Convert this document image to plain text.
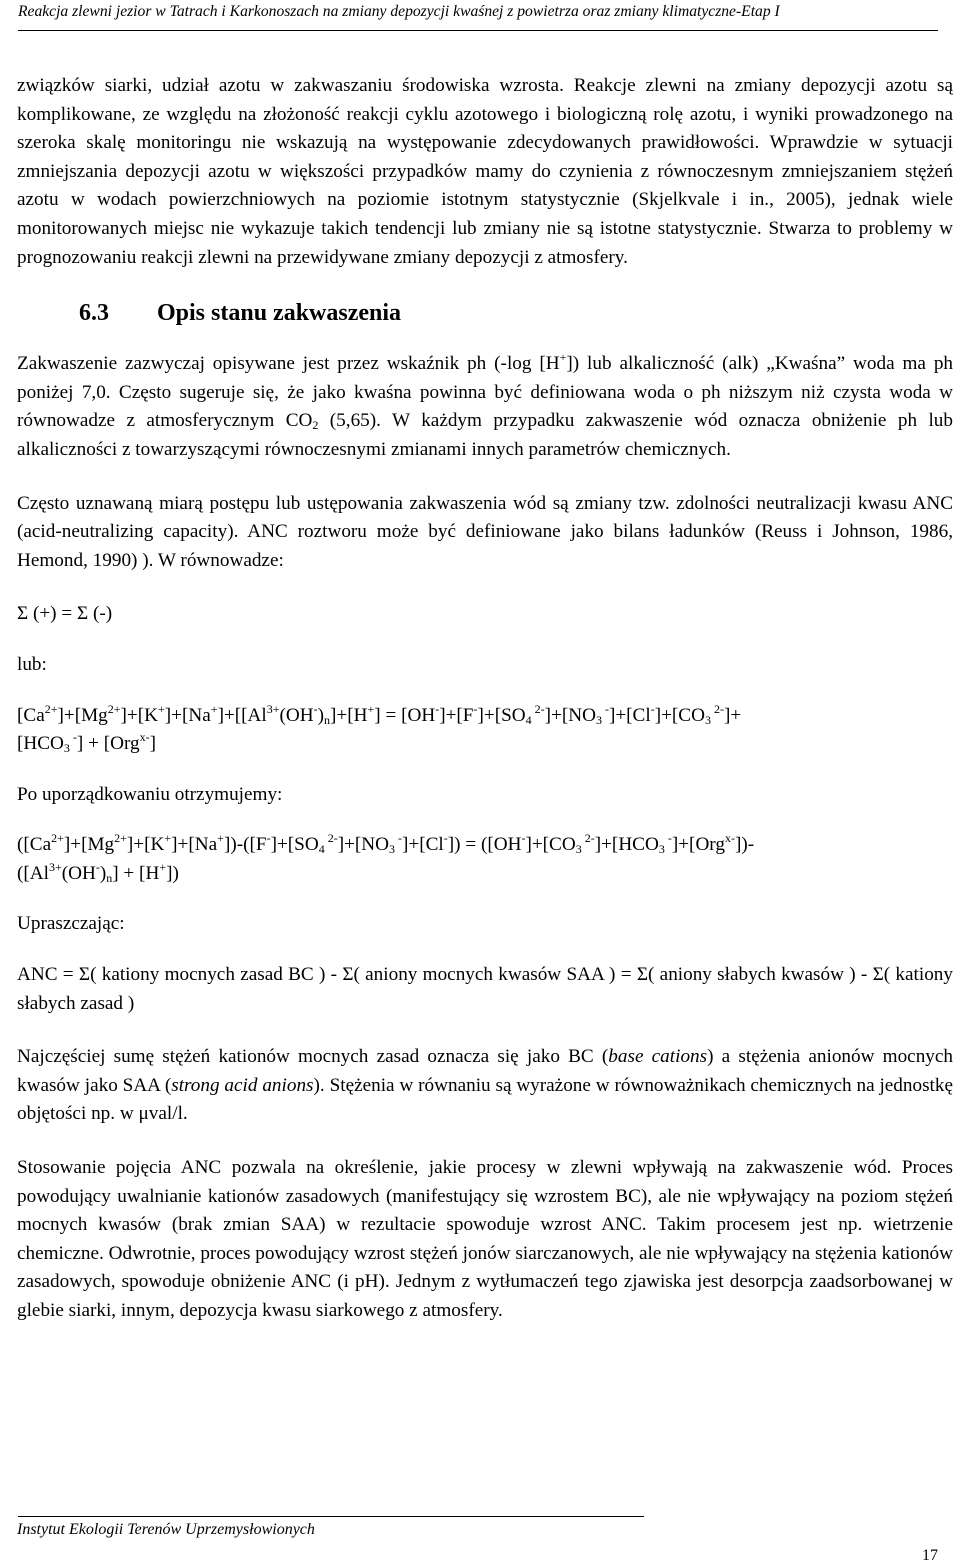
Reakcja zlewni jezior w Tatrach i Karkonoszach na zmiany depozycji kwaśnej z powietrza oraz zmiany klimatyczne-Etap I

związków siarki, udział azotu w zakwaszaniu środowiska wzrosta. Reakcje zlewni na zmiany depozycji azotu są komplikowane, ze względu na złożoność reakcji cyklu azotowego i biologiczną rolę azotu, i wyniki prowadzonego na szeroka skalę monitoringu nie wskazują na występowanie zdecydowanych prawidłowości. Wprawdzie w sytuacji zmniejszania depozycji azotu w większości przypadków mamy do czynienia z równoczesnym zmniejszaniem stężeń azotu w wodach powierzchniowych na poziomie istotnym statystycznie (Skjelkvale i in., 2005), jednak wiele monitorowanych miejsc nie wykazuje takich tendencji lub zmiany nie są istotne statystycznie. Stwarza to problemy w prognozowaniu reakcji zlewni na przewidywane zmiany depozycji z atmosfery.

6.3 Opis stanu zakwaszenia

Zakwaszenie zazwyczaj opisywane jest przez wskaźnik ph (-log [H+]) lub alkaliczność (alk) „Kwaśna” woda ma ph poniżej 7,0. Często sugeruje się, że jako kwaśna powinna być definiowana woda o ph niższym niż czysta woda w równowadze z atmosferycznym $CO_2$ (5,65). W każdym przypadku zakwaszenie wód oznacza obniżenie ph lub alkaliczności z towarzyszącymi równoczesnymi zmianami innych parametrów chemicznych.

Często uznawaną miarą postępu lub ustępowania zakwaszenia wód są zmiany tzw. zdolności neutralizacji kwasu ANC (acid-neutralizing capacity). ANC roztworu może być definiowane jako bilans ładunków (Reuss i Johnson, 1986, Hemond, 1990) ). W równowadze:

Σ (+) = Σ (-)

lub:

$[Ca^{2+}]+[Mg^{2+}]+[K^+]+[Na^+]+[[Al^{3+}(OH^-)_n]+[H^+] = [OH^-]+[F^-]+[SO_4$ $^{2-}]+[NO_3$ $^-]+[Cl^-]+[CO_3$ $^{2-}$]+
[$HCO_3$ -] + [Org$^{x-}$]

Po uporządkowaniu otrzymujemy:

$([Ca^{2+}]+[Mg^{2+}]+[K^+]+[Na^+])-([F^-]+[SO_4$ $^{2-}]+[NO_3$ $^-]+[Cl^-]) = ([OH^-]+[CO_3$ $^{2-}]+[HCO_3$ -]+[Org$^{x-}$])-
$([Al^{3+}(OH^-)_n] + [H^+])$

Upraszczając:

ANC = Σ( kationy mocnych zasad BC ) - Σ( aniony mocnych kwasów SAA ) = Σ( aniony słabych kwasów ) - Σ( kationy słabych zasad )

Najczęściej sumę stężeń kationów mocnych zasad oznacza się jako BC (base cations) a stężenia anionów mocnych kwasów jako SAA (strong acid anions). Stężenia w równaniu są wyrażone w równoważnikach chemicznych na jednostkę objętości np. w μval/l.

Stosowanie pojęcia ANC pozwala na określenie, jakie procesy w zlewni wpływają na zakwaszenie wód. Proces powodujący uwalnianie kationów zasadowych (manifestujący się wzrostem BC), ale nie wpływający na poziom stężeń mocnych kwasów (brak zmian SAA) w rezultacie spowoduje wzrost ANC. Takim procesem jest np. wietrzenie chemiczne. Odwrotnie, proces powodujący wzrost stężeń jonów siarczanowych, ale nie wpływający na stężenia kationów zasadowych, spowoduje obniżenie ANC (i pH). Jednym z wytłumaczeń tego zjawiska jest desorpcja zaadsorbowanej w glebie siarki, innym, depozycja kwasu siarkowego z atmosfery.

Instytut Ekologii Terenów Uprzemysłowionych
17
